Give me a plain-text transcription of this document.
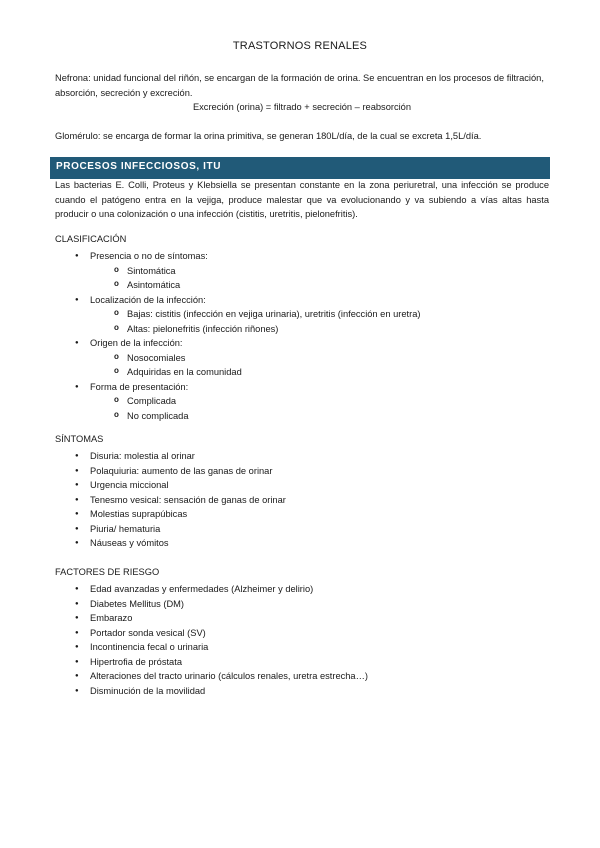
TRASTORNOS RENALES
Nefrona: unidad funcional del riñón, se encargan de la formación de orina. Se encuentran en los procesos de filtración, absorción, secreción y excreción.
Excreción (orina) = filtrado + secreción – reabsorción
Glomérulo: se encarga de formar la orina primitiva, se generan 180L/día, de la cual se excreta 1,5L/día.
PROCESOS INFECCIOSOS, ITU
Las bacterias E. Colli, Proteus y Klebsiella se presentan constante en la zona periuretral, una infección se produce cuando el patógeno entra en la vejiga, produce malestar que va evolucionando y va subiendo a vías altas hasta producir o una colonización o una infección (cistitis, uretritis, pielonefritis).
CLASIFICACIÓN
● Presencia o no de síntomas:
o Sintomática
o Asintomática
● Localización de la infección:
o Bajas: cistitis (infección en vejiga urinaria), uretritis (infección en uretra)
o Altas: pielonefritis (infección riñones)
● Origen de la infección:
o Nosocomiales
o Adquiridas en la comunidad
● Forma de presentación:
o Complicada
o No complicada
SÍNTOMAS
● Disuria: molestia al orinar
● Polaquiuria: aumento de las ganas de orinar
● Urgencia miccional
● Tenesmo vesical: sensación de ganas de orinar
● Molestias suprapúbicas
● Piuria/ hematuria
● Náuseas y vómitos
FACTORES DE RIESGO
● Edad avanzadas y enfermedades (Alzheimer y delirio)
● Diabetes Mellitus (DM)
● Embarazo
● Portador sonda vesical (SV)
● Incontinencia fecal o urinaria
● Hipertrofia de próstata
● Alteraciones del tracto urinario (cálculos renales, uretra estrecha…)
● Disminución de la movilidad
